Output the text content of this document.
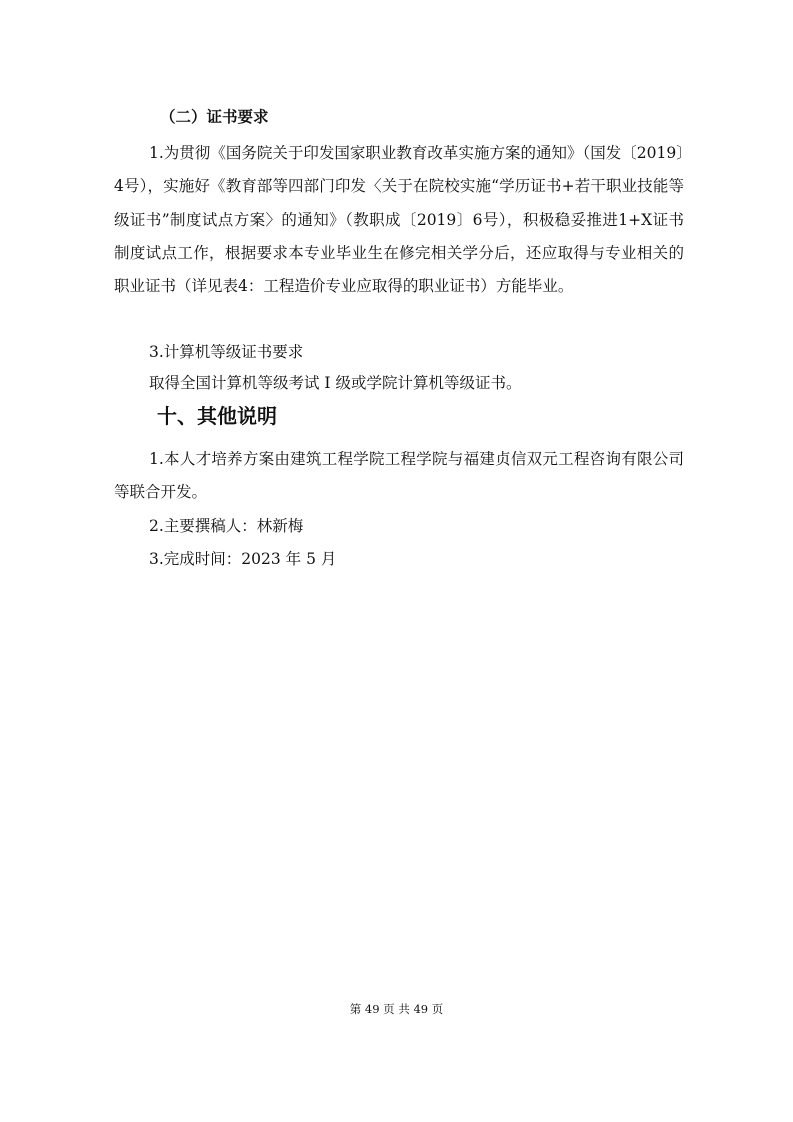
（二）证书要求
1.为贯彻《国务院关于印发国家职业教育改革实施方案的通知》（国发〔2019〕4号），实施好《教育部等四部门印发〈关于在院校实施“学历证书+若干职业技能等级证书”制度试点方案〉的通知》（教职成〔2019〕6号），积极稳妥推进1+X证书制度试点工作，根据要求本专业毕业生在修完相关学分后，还应取得与专业相关的职业证书（详见表4：工程造价专业应取得的职业证书）方能毕业。
3.计算机等级证书要求
取得全国计算机等级考试 I 级或学院计算机等级证书。
十、其他说明
1.本人才培养方案由建筑工程学院工程学院与福建贞信双元工程咨询有限公司等联合开发。
2.主要撰稿人：林新梅
3.完成时间：2023 年 5 月
第 49 页 共 49 页
